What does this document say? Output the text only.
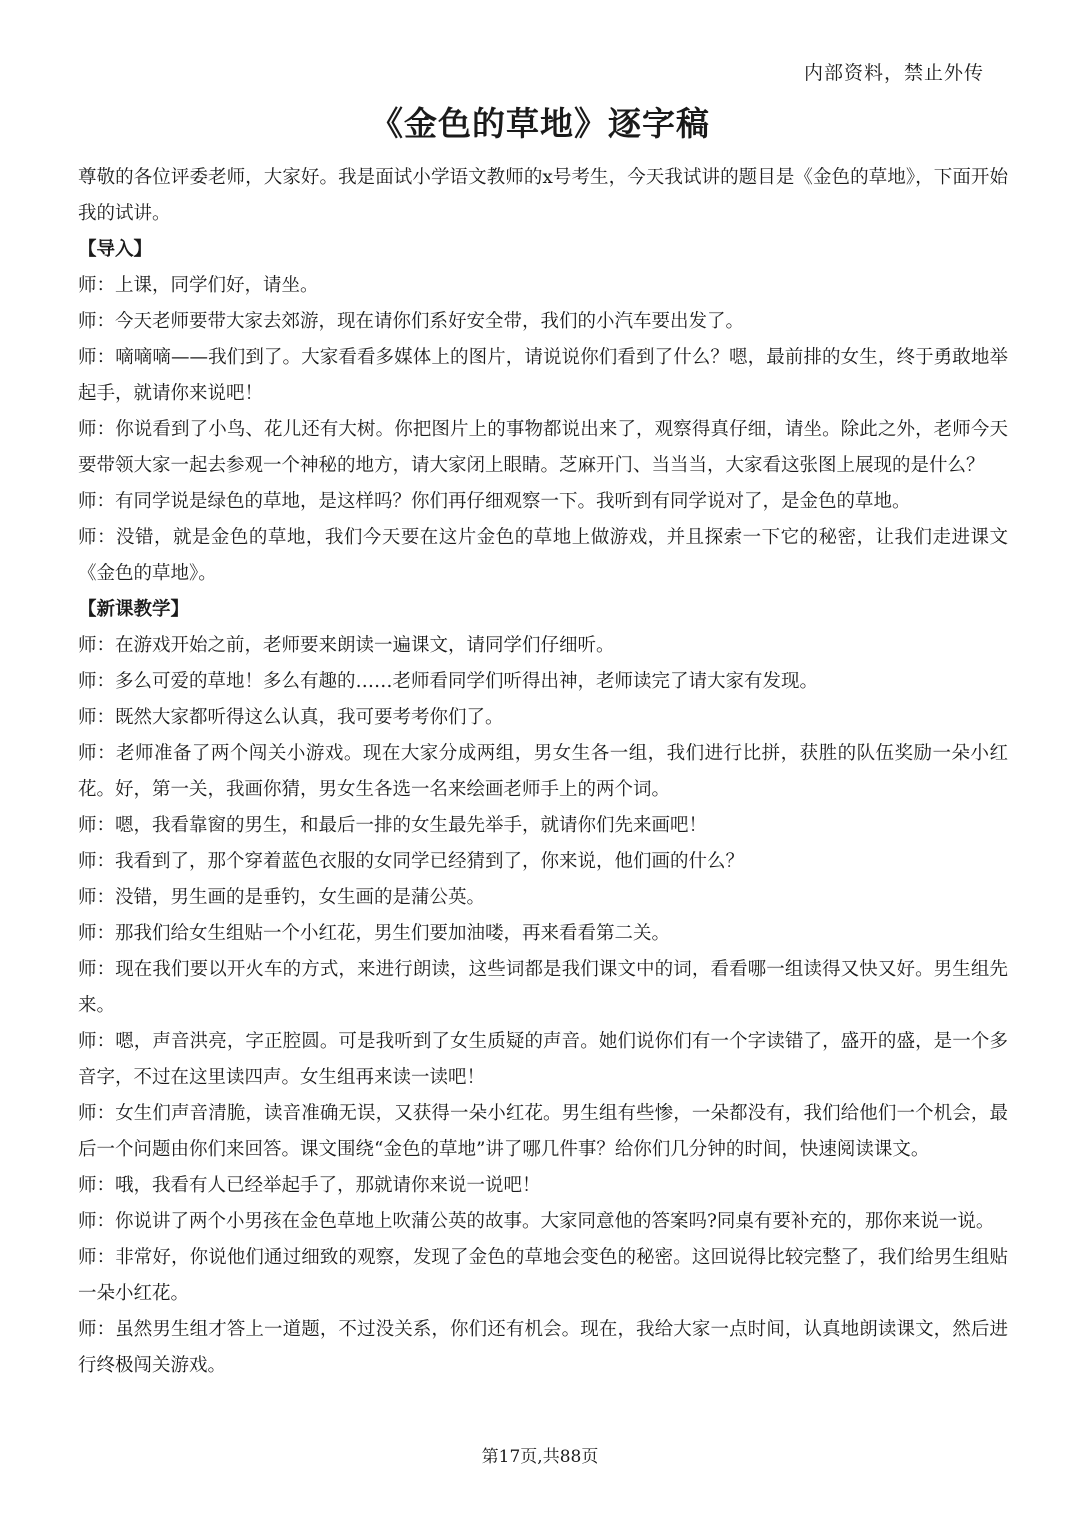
内部资料，禁止外传
《金色的草地》逐字稿

尊敬的各位评委老师，大家好。我是面试小学语文教师的x号考生，今天我试讲的题目是《金色的草地》，下面开始我的试讲。

【导入】

师：上课，同学们好，请坐。

师：今天老师要带大家去郊游，现在请你们系好安全带，我们的小汽车要出发了。

师：嘀嘀嘀——我们到了。大家看看多媒体上的图片，请说说你们看到了什么？嗯，最前排的女生，终于勇敢地举起手，就请你来说吧！

师：你说看到了小鸟、花儿还有大树。你把图片上的事物都说出来了，观察得真仔细，请坐。除此之外，老师今天要带领大家一起去参观一个神秘的地方，请大家闭上眼睛。芝麻开门、当当当，大家看这张图上展现的是什么？

师：有同学说是绿色的草地，是这样吗？你们再仔细观察一下。我听到有同学说对了，是金色的草地。

师：没错，就是金色的草地，我们今天要在这片金色的草地上做游戏，并且探索一下它的秘密，让我们走进课文《金色的草地》。

【新课教学】

师：在游戏开始之前，老师要来朗读一遍课文，请同学们仔细听。

师：多么可爱的草地！多么有趣的……老师看同学们听得出神，老师读完了请大家有发现。

师：既然大家都听得这么认真，我可要考考你们了。

师：老师准备了两个闯关小游戏。现在大家分成两组，男女生各一组，我们进行比拼，获胜的队伍奖励一朵小红花。好，第一关，我画你猜，男女生各选一名来绘画老师手上的两个词。

师：嗯，我看靠窗的男生，和最后一排的女生最先举手，就请你们先来画吧！

师：我看到了，那个穿着蓝色衣服的女同学已经猜到了，你来说，他们画的什么？

师：没错，男生画的是垂钓，女生画的是蒲公英。

师：那我们给女生组贴一个小红花，男生们要加油喽，再来看看第二关。

师：现在我们要以开火车的方式，来进行朗读，这些词都是我们课文中的词，看看哪一组读得又快又好。男生组先来。

师：嗯，声音洪亮，字正腔圆。可是我听到了女生质疑的声音。她们说你们有一个字读错了，盛开的盛，是一个多音字，不过在这里读四声。女生组再来读一读吧！

师：女生们声音清脆，读音准确无误，又获得一朵小红花。男生组有些惨，一朵都没有，我们给他们一个机会，最后一个问题由你们来回答。课文围绕“金色的草地”讲了哪几件事？给你们几分钟的时间，快速阅读课文。

师：哦，我看有人已经举起手了，那就请你来说一说吧！

师：你说讲了两个小男孩在金色草地上吹蒲公英的故事。大家同意他的答案吗?同桌有要补充的，那你来说一说。

师：非常好，你说他们通过细致的观察，发现了金色的草地会变色的秘密。这回说得比较完整了，我们给男生组贴一朵小红花。

师：虽然男生组才答上一道题，不过没关系，你们还有机会。现在，我给大家一点时间，认真地朗读课文，然后进行终极闯关游戏。

第17页,共88页
